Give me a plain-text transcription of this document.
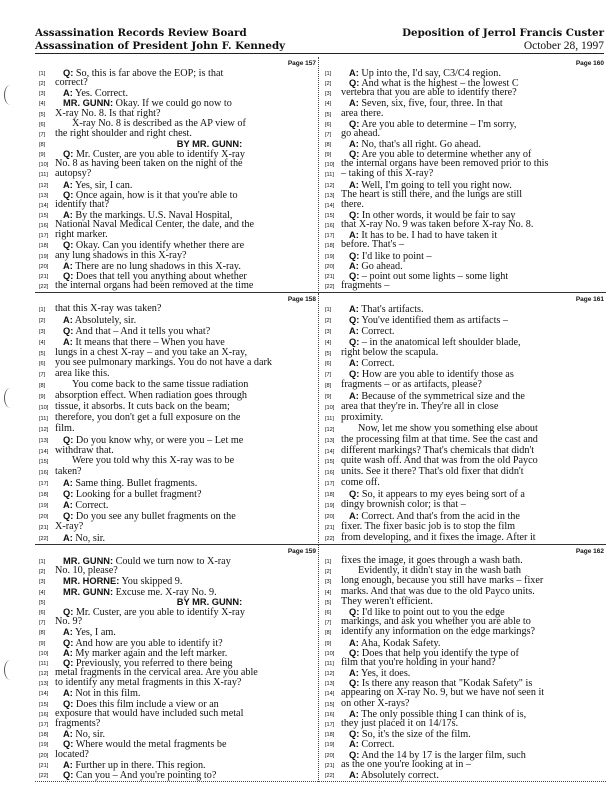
Assassination Records Review Board
Assassination of President John F. Kennedy
Deposition of Jerrol Francis Custer
October 28, 1997
Page 157
[1] Q: So, this is far above the EOP; is that
[2] correct?
[3] A: Yes. Correct.
[4] MR. GUNN: Okay. If we could go now to
[5] X-ray No. 8. Is that right?
[6]	X-ray No. 8 is described as the AP view of
[7] the right shoulder and right chest.
[8]	BY MR. GUNN:
[9] Q: Mr. Custer, are you able to identify X-ray
[10] No. 8 as having been taken on the night of the
[11] autopsy?
[12] A: Yes, sir, I can.
[13] Q: Once again, how is it that you're able to
[14] identify that?
[15] A: By the markings. U.S. Naval Hospital,
[16] National Naval Medical Center, the date, and the
[17] right marker.
[18] Q: Okay. Can you identify whether there are
[19] any lung shadows in this X-ray?
[20] A: There are no lung shadows in this X-ray.
[21] Q: Does that tell you anything about whether
[22] the internal organs had been removed at the time
Page 160
[1] A: Up into the, I'd say, C3/C4 region.
[2] Q: And what is the highest – the lowest C
[3] vertebra that you are able to identify there?
[4] A: Seven, six, five, four, three. In that
[5] area there.
[6] Q: Are you able to determine – I'm sorry,
[7] go ahead.
[8] A: No, that's all right. Go ahead.
[9] Q: Are you able to determine whether any of
[10] the internal organs have been removed prior to this
[11] – taking of this X-ray?
[12] A: Well, I'm going to tell you right now.
[13] The heart is still there, and the lungs are still
[14] there.
[15] Q: In other words, it would be fair to say
[16] that X-ray No. 9 was taken before X-ray No. 8.
[17] A: It has to be. I had to have taken it
[18] before. That's –
[19] Q: I'd like to point –
[20] A: Go ahead.
[21] Q: – point out some lights – some light
[22] fragments –
Page 158
[1] that this X-ray was taken?
[2] A: Absolutely, sir.
[3] Q: And that – And it tells you what?
[4] A: It means that there – When you have
[5] lungs in a chest X-ray – and you take an X-ray,
[6] you see pulmonary markings. You do not have a dark
[7] area like this.
[8]	You come back to the same tissue radiation
[9] absorption effect. When radiation goes through
[10] tissue, it absorbs. It cuts back on the beam;
[11] therefore, you don't get a full exposure on the
[12] film.
[13] Q: Do you know why, or were you – Let me
[14] withdraw that.
[15] Were you told why this X-ray was to be
[16] taken?
[17] A: Same thing. Bullet fragments.
[18] Q: Looking for a bullet fragment?
[19] A: Correct.
[20] Q: Do you see any bullet fragments on the
[21] X-ray?
[22] A: No, sir.
Page 161
[1] A: That's artifacts.
[2] Q: You've identified them as artifacts –
[3] A: Correct.
[4] Q: – in the anatomical left shoulder blade,
[5] right below the scapula.
[6] A: Correct.
[7] Q: How are you able to identify those as
[8] fragments – or as artifacts, please?
[9] A: Because of the symmetrical size and the
[10] area that they're in. They're all in close
[11] proximity.
[12] Now, let me show you something else about
[13] the processing film at that time. See the cast and
[14] different markings? That's chemicals that didn't
[15] quite wash off. And that was from the old Payco
[16] units. See it there? That's old fixer that didn't
[17] come off.
[18] Q: So, it appears to my eyes being sort of a
[19] dingy brownish color; is that –
[20] A: Correct. And that's from the acid in the
[21] fixer. The fixer basic job is to stop the film
[22] from developing, and it fixes the image. After it
Page 159
[1] MR. GUNN: Could we turn now to X-ray
[2] No. 10, please?
[3] MR. HORNE: You skipped 9.
[4] MR. GUNN: Excuse me. X-ray No. 9.
[5]	BY MR. GUNN:
[6] Q: Mr. Custer, are you able to identify X-ray
[7] No. 9?
[8] A: Yes, I am.
[9] Q: And how are you able to identify it?
[10] A: My marker again and the left marker.
[11] Q: Previously, you referred to there being
[12] metal fragments in the cervical area. Are you able
[13] to identify any metal fragments in this X-ray?
[14] A: Not in this film.
[15] Q: Does this film include a view or an
[16] exposure that would have included such metal
[17] fragments?
[18] A: No, sir.
[19] Q: Where would the metal fragments be
[20] located?
[21] A: Further up in there. This region.
[22] Q: Can you – And you're pointing to?
Page 162
[1] fixes the image, it goes through a wash bath.
[2]	Evidently, it didn't stay in the wash bath
[3] long enough, because you still have marks – fixer
[4] marks. And that was due to the old Payco units.
[5] They weren't efficient.
[6] Q: I'd like to point out to you the edge
[7] markings, and ask you whether you are able to
[8] identify any information on the edge markings?
[9] A: Aha, Kodak Safety.
[10] Q: Does that help you identify the type of
[11] film that you're holding in your hand?
[12] A: Yes, it does.
[13] Q: Is there any reason that "Kodak Safety" is
[14] appearing on X-ray No. 9, but we have not seen it
[15] on other X-rays?
[16] A: The only possible thing I can think of is,
[17] they just placed it on 14/17s.
[18] Q: So, it's the size of the film.
[19] A: Correct.
[20] Q: And the 14 by 17 is the larger film, such
[21] as the one you're looking at in –
[22] A: Absolutely correct.
